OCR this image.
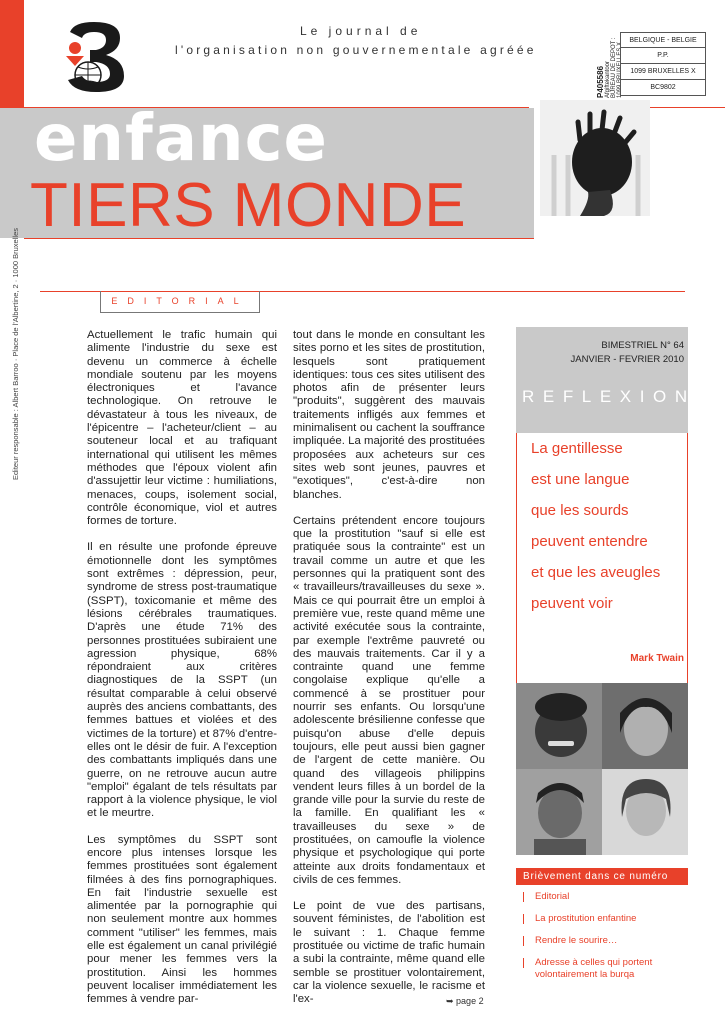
Le journal de
l'organisation non gouvernementale agréée
P405586 Afgiftekantoor BUREAU DE DEPOT : 1099 BRUXELLES X
BELGIQUE - BELGIE
P.P.
1099 BRUXELLES X
BC9802
enfance
TIERS MONDE
Editeur responsable : Albert Barroo · Place de l'Albertine, 2 · 1000 Bruxelles	EDITORIAL

Actuellement le trafic humain qui alimente l'industrie du sexe est devenu un commerce à échelle mondiale soutenu par les moyens électroniques et l'avance technologique. On retrouve le dévastateur à tous les niveaux, de l'épicentre – l'acheteur/client – au souteneur local et au trafiquant international qui utilisent les mêmes méthodes que l'époux violent afin d'assujettir leur victime : humiliations, menaces, coups, isolement social, contrôle économique, viol et autres formes de torture.

Il en résulte une profonde épreuve émotionnelle dont les symptômes sont extrêmes : dépression, peur, syndrome de stress post-traumatique (SSPT), toxicomanie et même des lésions cérébrales traumatiques. D'après une étude 71% des personnes prostituées subiraient une agression physique, 68% répondraient aux critères diagnostiques de la SSPT (un résultat comparable à celui observé auprès des anciens combattants, des femmes battues et violées et des victimes de la torture) et 87% d'entre-elles ont le désir de fuir. A l'exception des combattants impliqués dans une guerre, on ne retrouve aucun autre "emploi" égalant de tels résultats par rapport à la violence physique, le viol et le meurtre.

Les symptômes du SSPT sont encore plus intenses lorsque les femmes prostituées sont également filmées à des fins pornographiques. En fait l'industrie sexuelle est alimentée par la pornographie qui non seulement montre aux hommes comment "utiliser" les femmes, mais elle est également un canal privilégié pour mener les femmes vers la prostitution. Ainsi les hommes peuvent localiser immédiatement les femmes à vendre par-

tout dans le monde en consultant les sites porno et les sites de prostitution, lesquels sont pratiquement identiques: tous ces sites utilisent des photos afin de présenter leurs "produits", suggèrent des mauvais traitements infligés aux femmes et minimalisent ou cachent la souffrance impliquée. La majorité des prostituées proposées aux acheteurs sur ces sites web sont jeunes, pauvres et "exotiques", c'est-à-dire non blanches.

Certains prétendent encore toujours que la prostitution "sauf si elle est pratiquée sous la contrainte" est un travail comme un autre et que les personnes qui la pratiquent sont des « travailleurs/travailleuses du sexe ». Mais ce qui pourrait être un emploi à première vue, reste quand même une activité exécutée sous la contrainte, par exemple l'extrême pauvreté ou des mauvais traitements. Car il y a contrainte quand une femme congolaise explique qu'elle a commencé à se prostituer pour nourrir ses enfants. Ou lorsqu'une adolescente brésilienne confesse que puisqu'on abuse d'elle depuis toujours, elle peut aussi bien gagner de l'argent de cette manière. Ou quand des villageois philippins vendent leurs filles à un bordel de la grande ville pour la survie du reste de la famille. En qualifiant les « travailleuses du sexe » de prostituées, on camoufle la violence physique et psychologique qui porte atteinte aux droits fondamentaux et civils de ces femmes.

Le point de vue des partisans, souvent féministes, de l'abolition est le suivant : 1. Chaque femme prostituée ou victime de trafic humain a subi la contrainte, même quand elle semble se prostituer volontairement, car la violence sexuelle, le racisme et l'ex-	➥ page 2
BIMESTRIEL N° 64
JANVIER - FEVRIER 2010
REFLEXION
La gentillesse
est une langue
que les sourds
peuvent entendre
et que les aveugles
peuvent voir
Mark Twain
Brièvement dans ce numéro
Editorial
La prostitution enfantine
Rendre le sourire…
Adresse à celles qui portent volontairement la burqa
